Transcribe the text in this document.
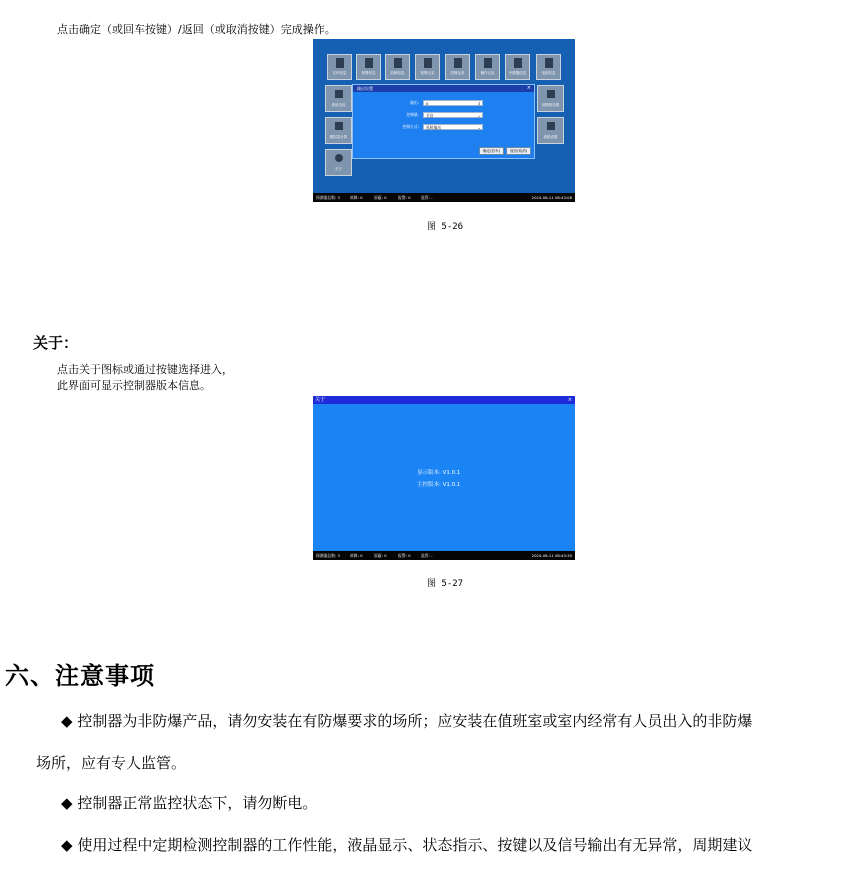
点击确定（或回车按键）/返回（或取消按键）完成操作。
实时信息	报警信息	故障信息	报警记录	故障记录	操作记录	中继器信息	电源信息
系统自检
模拟量计算
关于
回路数设置
高级设置
输出设置	×
输出:	0	⇕
控制量:	全启	⌄
控制方式:	延时输出	⌄
确定(回车)	返回(取消)
探测器总数: 3	故障: 0	屏蔽: 0	报警: 0	监管: -	2024-06-11 08:43:08
图 5-26
关于：
点击关于图标或通过按键选择进入，
此界面可显示控制器版本信息。
关于	×
显示版本: V1.0.1
主控版本: V1.0.1
探测器总数: 3	故障: 0	屏蔽: 0	报警: 0	监管: -	2024-06-11 08:43:30
图 5-27
六、注意事项
◆ 控制器为非防爆产品，请勿安装在有防爆要求的场所；应安装在值班室或室内经常有人员出入的非防爆
场所，应有专人监管。
◆ 控制器正常监控状态下，请勿断电。
◆ 使用过程中定期检测控制器的工作性能，液晶显示、状态指示、按键以及信号输出有无异常，周期建议
